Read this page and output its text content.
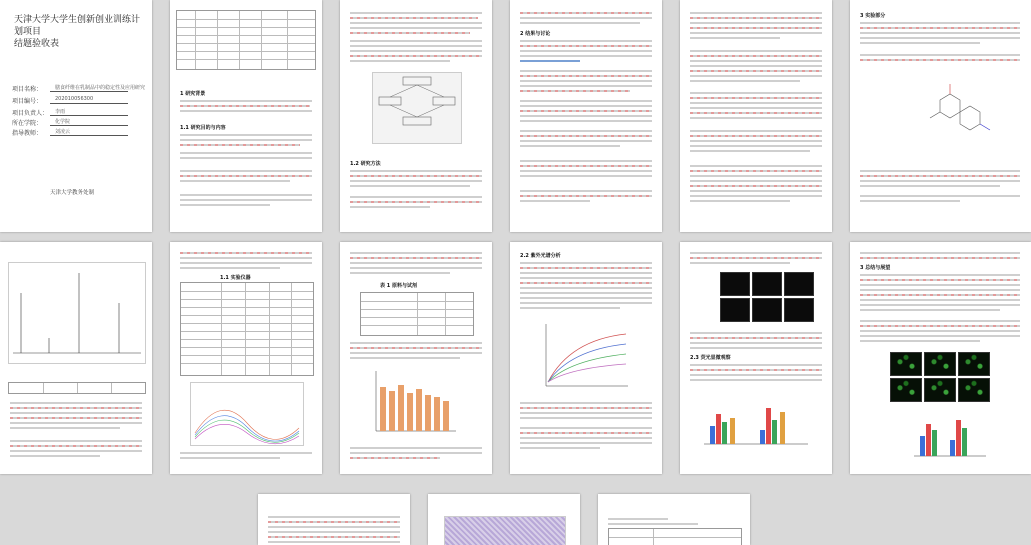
天津大学大学生创新创业训练计划项目
结题验收表
项目名称：	膳食纤维在乳制品中的稳定性及应用研究
项目编号：	202010056300
项目负责人： 李雨
所在学院：	化学院
指导教师：	刘凌云
天津大学教务处制
1 研究背景
1.1 研究目的与内容
1.2 研究方法
2 结果与讨论
3 实验部分
1.1 实验仪器
表 1 原料与试剂
2.2 紫外光谱分析
2.3 荧光显微观察
3 总结与展望
